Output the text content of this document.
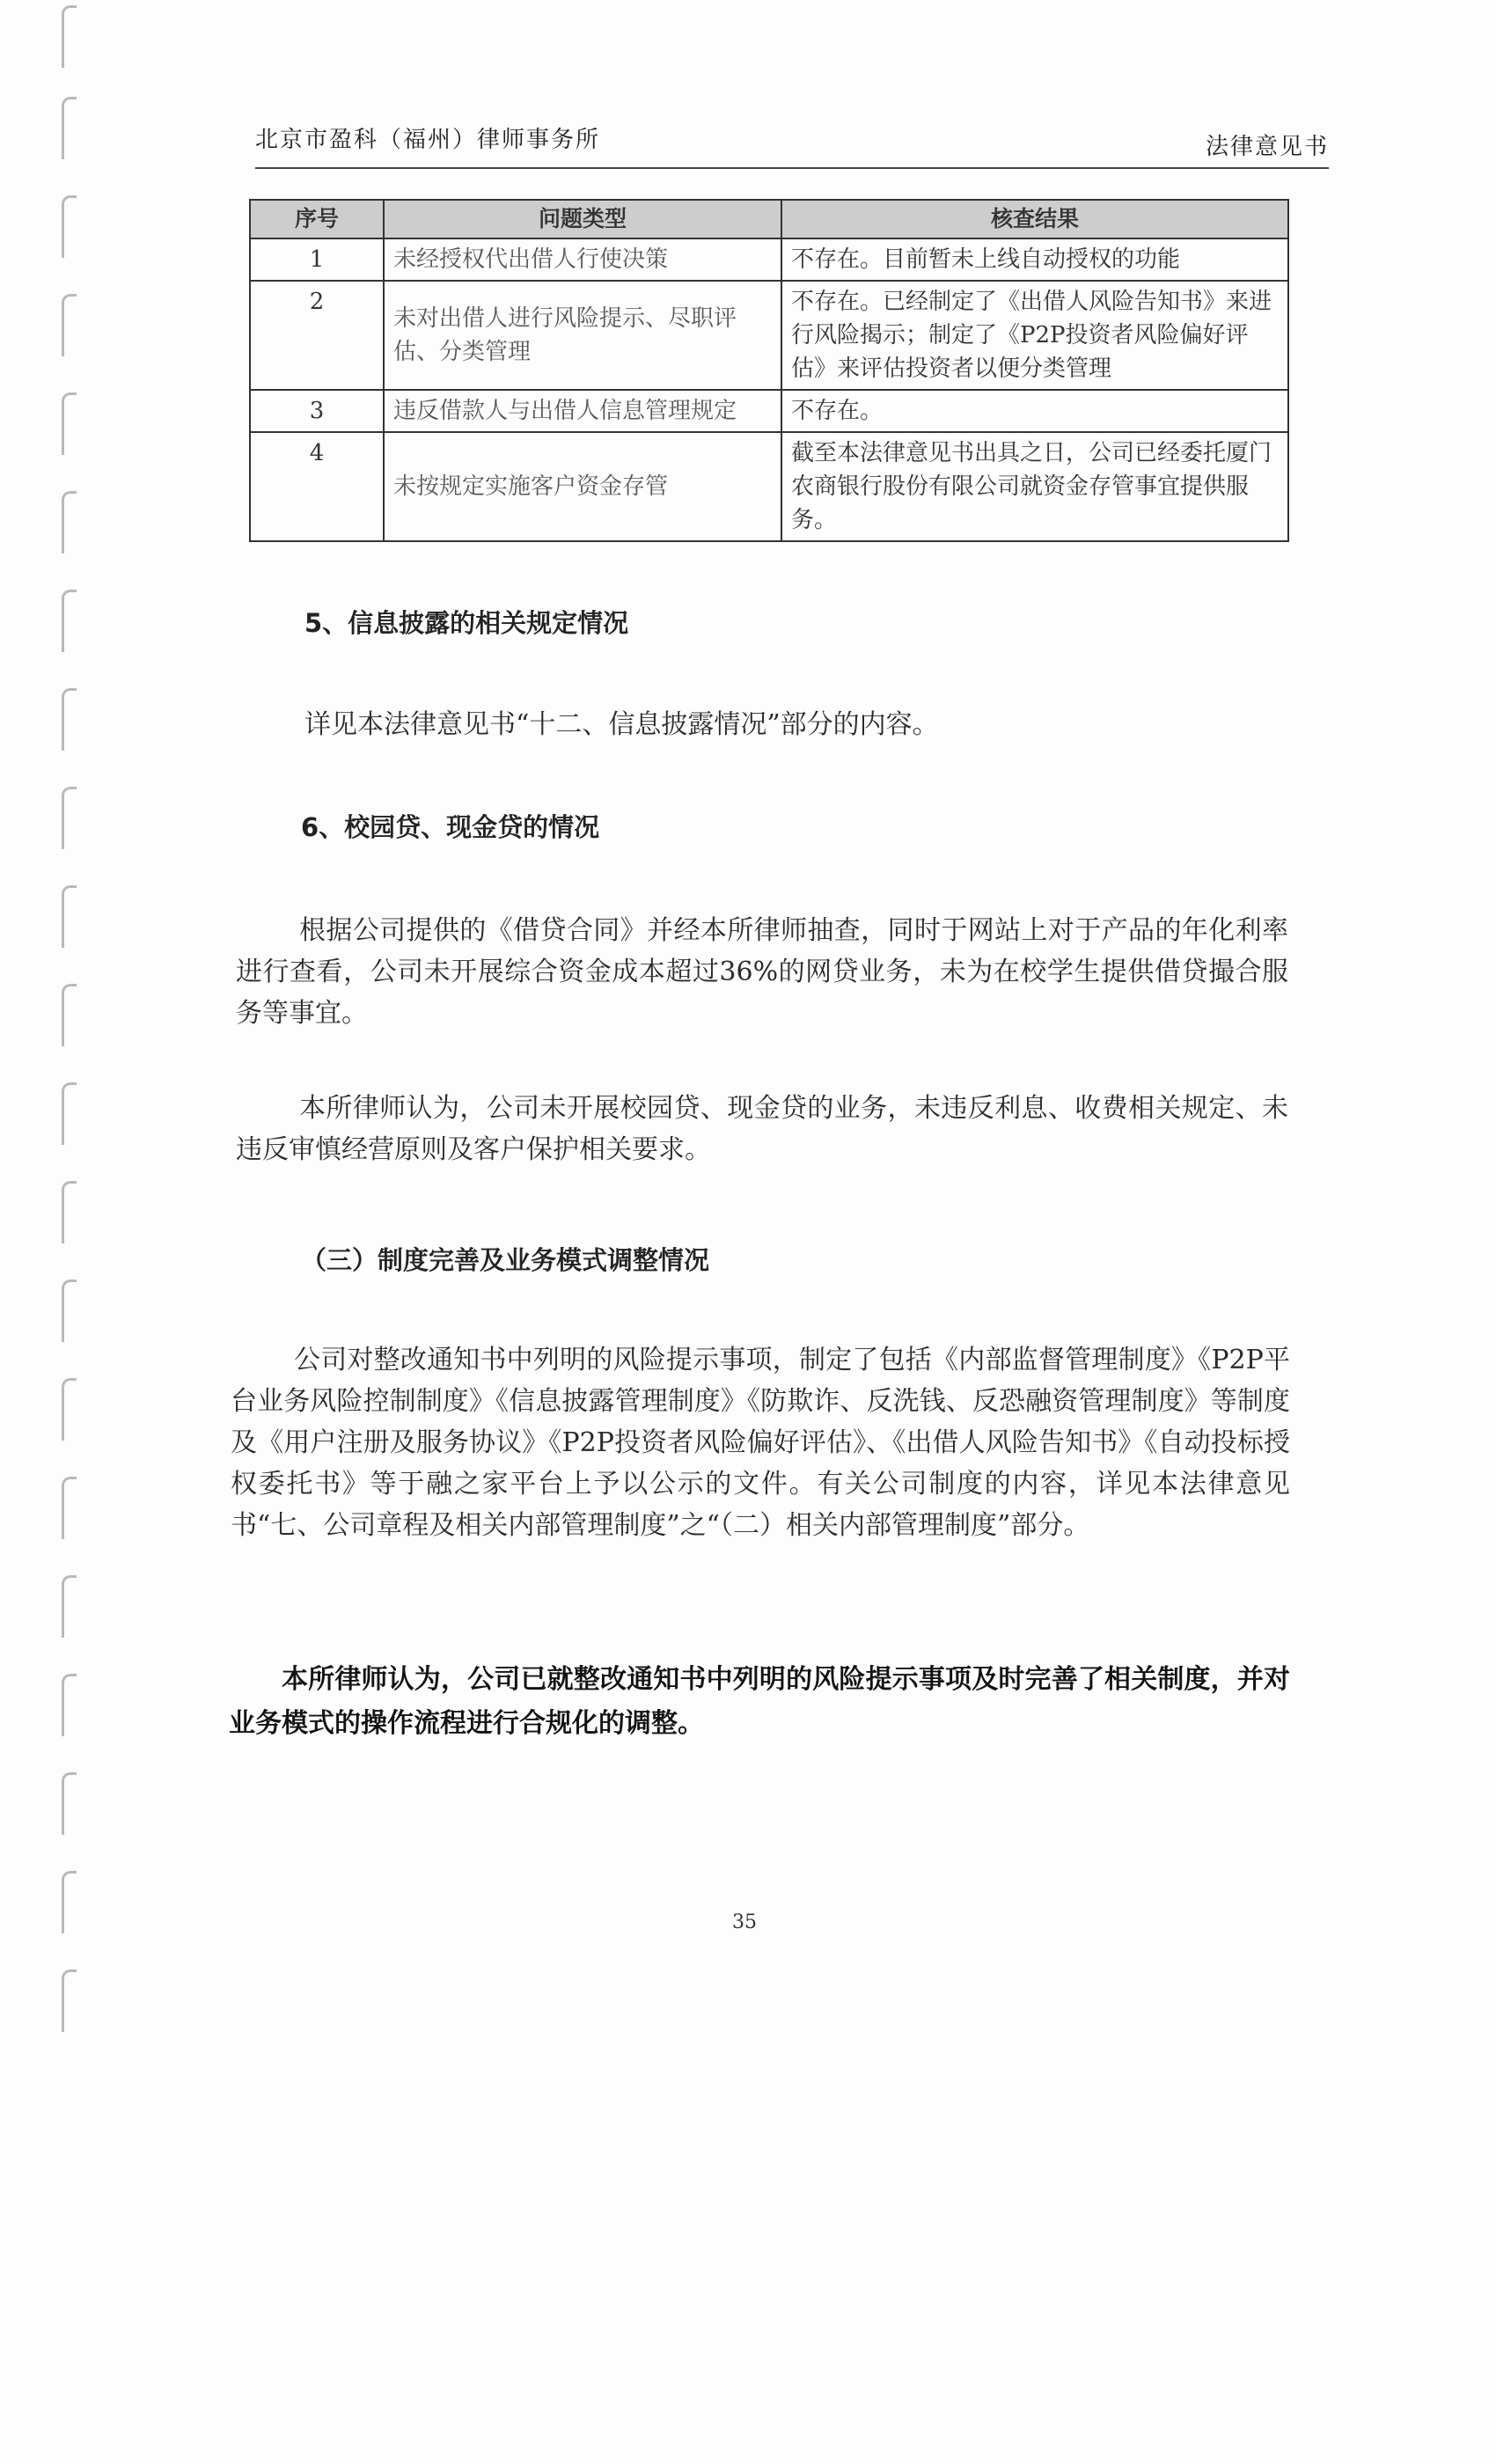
北京市盈科（福州）律师事务所	法律意见书
序号	问题类型	核查结果
1	未经授权代出借人行使决策	不存在。目前暂未上线自动授权的功能
2	未对出借人进行风险提示、尽职评估、分类管理	不存在。已经制定了《出借人风险告知书》来进行风险揭示；制定了《P2P投资者风险偏好评估》来评估投资者以便分类管理
3	违反借款人与出借人信息管理规定	不存在。
4	未按规定实施客户资金存管	截至本法律意见书出具之日，公司已经委托厦门农商银行股份有限公司就资金存管事宜提供服务。
5、信息披露的相关规定情况
详见本法律意见书“十二、信息披露情况”部分的内容。
6、校园贷、现金贷的情况
根据公司提供的《借贷合同》并经本所律师抽查，同时于网站上对于产品的年化利率进行查看，公司未开展综合资金成本超过36%的网贷业务，未为在校学生提供借贷撮合服务等事宜。
本所律师认为，公司未开展校园贷、现金贷的业务，未违反利息、收费相关规定、未违反审慎经营原则及客户保护相关要求。
（三）制度完善及业务模式调整情况
公司对整改通知书中列明的风险提示事项，制定了包括《内部监督管理制度》《P2P平台业务风险控制制度》《信息披露管理制度》《防欺诈、反洗钱、反恐融资管理制度》等制度及《用户注册及服务协议》《P2P投资者风险偏好评估》、《出借人风险告知书》《自动投标授权委托书》等于融之家平台上予以公示的文件。有关公司制度的内容，详见本法律意见书“七、公司章程及相关内部管理制度”之“（二）相关内部管理制度”部分。
本所律师认为，公司已就整改通知书中列明的风险提示事项及时完善了相关制度，并对业务模式的操作流程进行合规化的调整。
35
